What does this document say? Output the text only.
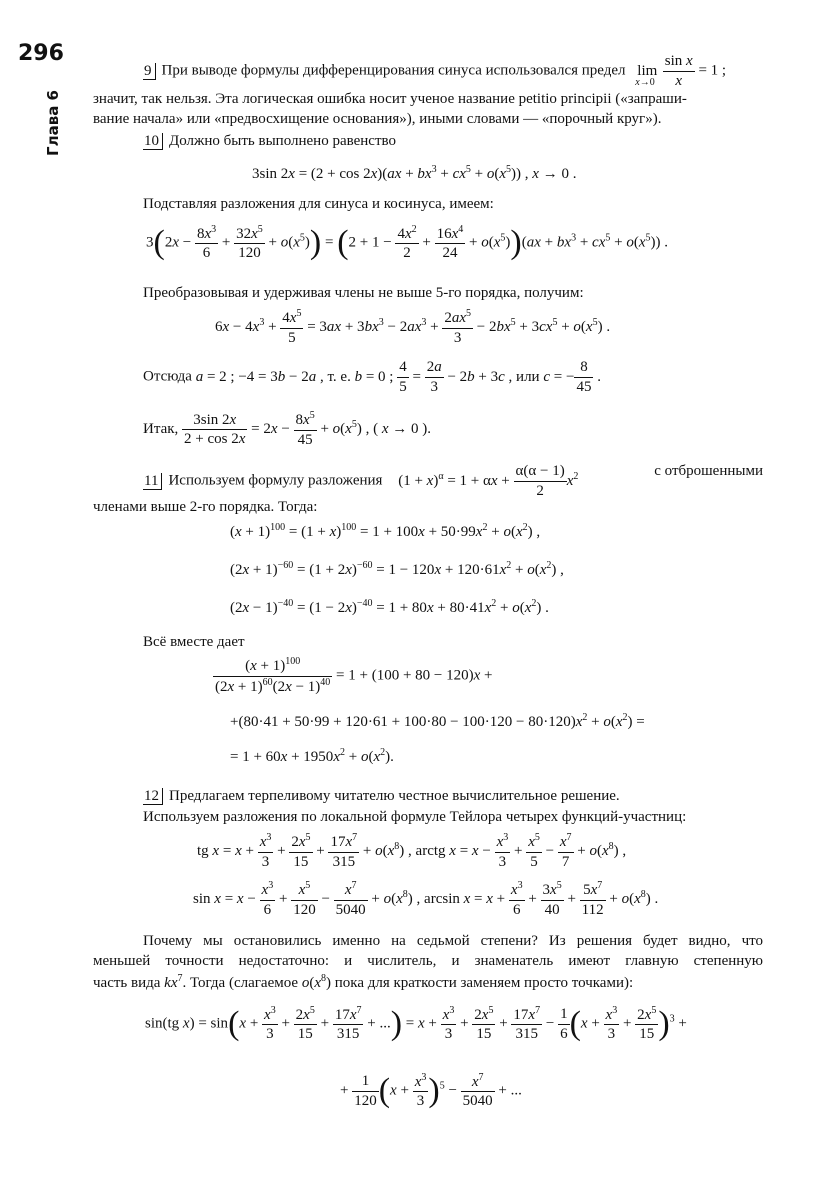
296
Глава 6
9 При выводе формулы дифференцирования синуса использовался предел $\lim_{x\to 0} \frac{\text{sin x}}{x} = 1$ ;
значит, так нельзя. Эта логическая ошибка носит ученое название petitio principii («запраши-
вание начала» или «предвосхищение основания»), иными словами — «порочный круг»).
10 Должно быть выполнено равенство
3sin $2x = (2 + \cos 2x)(ax + bx^3 + cx^5 + o(x^5))$ , x → 0 .
Подставляя разложения для синуса и косинуса, имеем:
$3(2x - \frac{8x^3}{6} + \frac{32x^5}{120} + o(x^5)) = (2 + 1 - \frac{4x^2}{2} + \frac{16x^4}{24} + o(x^5))(ax + bx^3 + cx^5 + o(x^5))$ .
Преобразовывая и удерживая члены не выше 5-го порядка, получим:
$6x - 4x^3 + \frac{4x^5}{5} = 3ax + 3bx^3 - 2ax^3 + \frac{2ax^5}{3} - 2bx^5 + 3cx^5 + o(x^5)$ .
Отсюда a = 2 ; −4 = 3b − 2a , т. е. b = 0 ; $\frac{4}{5} = \frac{2a}{3} - 2b + 3c$ , или c = − $\frac{8}{45}$ .
Итак, $\frac{3\sin 2x}{2 + \cos 2x} = 2x - \frac{8x^5}{45} + o(x^5)$ , ( x → 0 ).
11 Используем формулу разложения $(1 + x)^\alpha = 1 + \alpha x + \frac{\alpha(\alpha - 1)}{2} x^2$	с отброшенными
членами выше 2-го порядка. Тогда:
$(x + 1)^{100} = (1 + x)^{100} = 1 + 100x + 50\cdot 99x^2 + o(x^2)$ ,
$(2x + 1)^{-60} = (1 + 2x)^{-60} = 1 - 120x + 120\cdot 61x^2 + o(x^2)$ ,
$(2x - 1)^{-40} = (1 - 2x)^{-40} = 1 + 80x + 80\cdot 41x^2 + o(x^2)$ .
Всё вместе дает
$\frac{(x + 1)^{100}}{(2x + 1)^{60}(2x - 1)^{40}} = 1 + (100 + 80 - 120)x$ +
$+(80\cdot 41 + 50\cdot 99 + 120\cdot 61 + 100\cdot 80 - 100\cdot 120 - 80\cdot 120)x^2 + o(x^2)$ =
= $1 + 60x + 1950x^2 + o(x^2)$.
12 Предлагаем терпеливому читателю честное вычислительное решение.
Используем разложения по локальной формуле Тейлора четырех функций-участниц:
tg $x = x + \frac{x^3}{3} + \frac{2x^5}{15} + \frac{17x^7}{315} + o(x^8)$ , arctg $x = x - \frac{x^3}{3} + \frac{x^5}{5} - \frac{x^7}{7} + o(x^8)$ ,
$\sin x = x - \frac{x^3}{6} + \frac{x^5}{120} - \frac{x^7}{5040} + o(x^8)$ , $\arcsin x = x + \frac{x^3}{6} + \frac{3x^5}{40} + \frac{5x^7}{112} + o(x^8)$ .
Почему мы остановились именно на седьмой степени? Из решения будет видно, что
меньшей точности недостаточно: и числитель, и знаменатель имеют главную степенную
часть вида $kx^7$. Тогда (слагаемое $o(x^8)$ пока для краткости заменяем просто точками):
sin(tg $x) = \sin(x + \frac{x^3}{3} + \frac{2x^5}{15} + \frac{17x^7}{315}$ + ...) = $x + \frac{x^3}{3} + \frac{2x^5}{15} + \frac{17x^7}{315} - \frac{1}{6} (x + \frac{x^3}{3} + \frac{2x^5}{15} )^3$ +
+ $\frac{1}{120} (x + \frac{x^3}{3} )^5 - \frac{x^7}{5040}$ + ...
